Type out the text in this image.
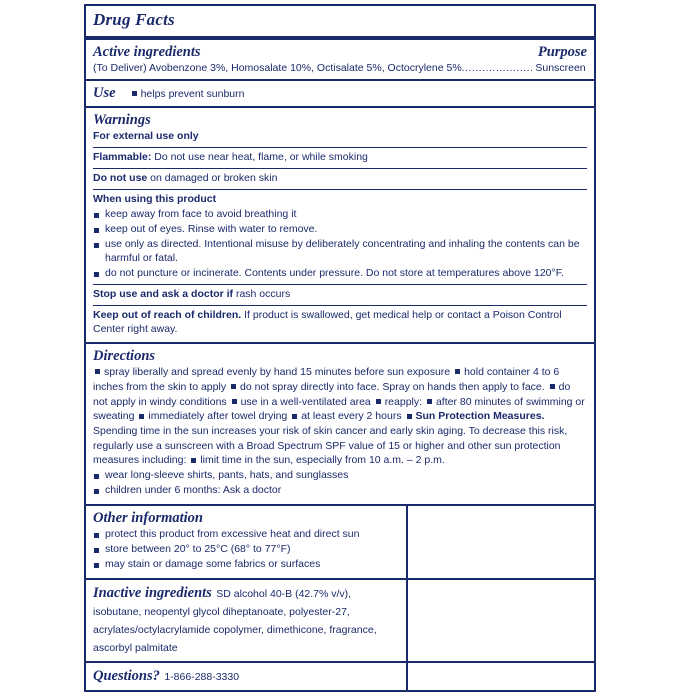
Drug Facts
Active ingredients	Purpose
(To Deliver) Avobenzone 3%, Homosalate 10%, Octisalate 5%, Octocrylene 5% ..................... Sunscreen
Use	helps prevent sunburn
Warnings
For external use only
Flammable: Do not use near heat, flame, or while smoking
Do not use on damaged or broken skin
When using this product
keep away from face to avoid breathing it
keep out of eyes. Rinse with water to remove.
use only as directed. Intentional misuse by deliberately concentrating and inhaling the contents can be harmful or fatal.
do not puncture or incinerate. Contents under pressure. Do not store at temperatures above 120°F.
Stop use and ask a doctor if rash occurs
Keep out of reach of children. If product is swallowed, get medical help or contact a Poison Control Center right away.
Directions
spray liberally and spread evenly by hand 15 minutes before sun exposure hold container 4 to 6 inches from the skin to apply do not spray directly into face. Spray on hands then apply to face. do not apply in windy conditions use in a well-ventilated area reapply: after 80 minutes of swimming or sweating immediately after towel drying at least every 2 hours Sun Protection Measures. Spending time in the sun increases your risk of skin cancer and early skin aging. To decrease this risk, regularly use a sunscreen with a Broad Spectrum SPF value of 15 or higher and other sun protection measures including: limit time in the sun, especially from 10 a.m. – 2 p.m.
wear long-sleeve shirts, pants, hats, and sunglasses
children under 6 months: Ask a doctor
Other information
protect this product from excessive heat and direct sun
store between 20° to 25°C (68° to 77°F)
may stain or damage some fabrics or surfaces
Inactive ingredients SD alcohol 40-B (42.7% v/v), isobutane, neopentyl glycol diheptanoate, polyester-27, acrylates/octylacrylamide copolymer, dimethicone, fragrance, ascorbyl palmitate
Questions? 1-866-288-3330
